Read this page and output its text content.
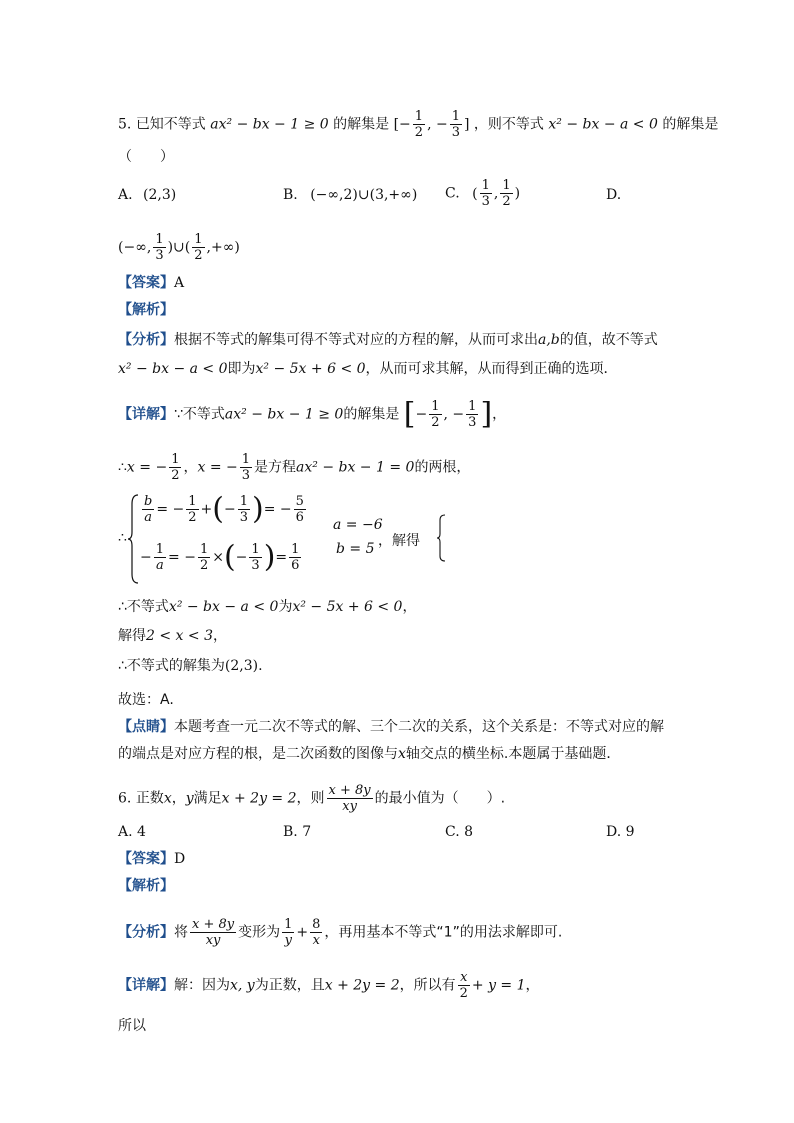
5. 已知不等式 ax² − bx − 1 ≥ 0 的解集是 [− $\frac{1}{2}$ , − $\frac{1}{3}$ ] ，则不等式 x² − bx − a < 0 的解集是
（　　）
A. (2,3)	B. (−∞,2)∪(3,+∞) C. ( $\frac{1}{3}$ , $\frac{1}{2}$ )	D.
(−∞, $\frac{1}{3}$ )∪( $\frac{1}{2}$ ,+∞)
【答案】A
【解析】
【分析】根据不等式的解集可得不等式对应的方程的解，从而可求出a,b的值，故不等式
x² − bx − a < 0即为x² − 5x + 6 < 0，从而可求其解，从而得到正确的选项．
【详解】∵不等式ax² − bx − 1 ≥ 0的解集是 [− $\frac{1}{2}$ , − $\frac{1}{3}$ ]，
∴x = − $\frac{1}{2}$ ，x = − $\frac{1}{3}$ 是方程ax² − bx − 1 = 0的两根，
∴
$\frac{b}{a}$ = − $\frac{1}{2}$ +(− $\frac{1}{3}$ )= − $\frac{5}{6}$
− $\frac{1}{a}$ = − $\frac{1}{2}$ ×(− $\frac{1}{3}$ )= $\frac{1}{6}$
，解得
a = −6
b = 5
∴不等式x² − bx − a < 0为x² − 5x + 6 < 0，
解得2 < x < 3，
∴不等式的解集为(2,3).
故选：A.
【点睛】本题考查一元二次不等式的解、三个二次的关系，这个关系是：不等式对应的解
的端点是对应方程的根，是二次函数的图像与x轴交点的横坐标.本题属于基础题．
6. 正数x，y满足x + 2y = 2，则 $\frac{x + 8y}{xy}$ 的最小值为（　　）.
A. 4	B. 7	C. 8	D. 9
【答案】D
【解析】
【分析】将 $\frac{x + 8y}{xy}$ 变形为 $\frac{1}{y} + \frac{8}{x}$ ，再用基本不等式“1”的用法求解即可.
【详解】解：因为x, y为正数，且x + 2y = 2，所以有 $\frac{x}{2} + y = 1$，
所以
